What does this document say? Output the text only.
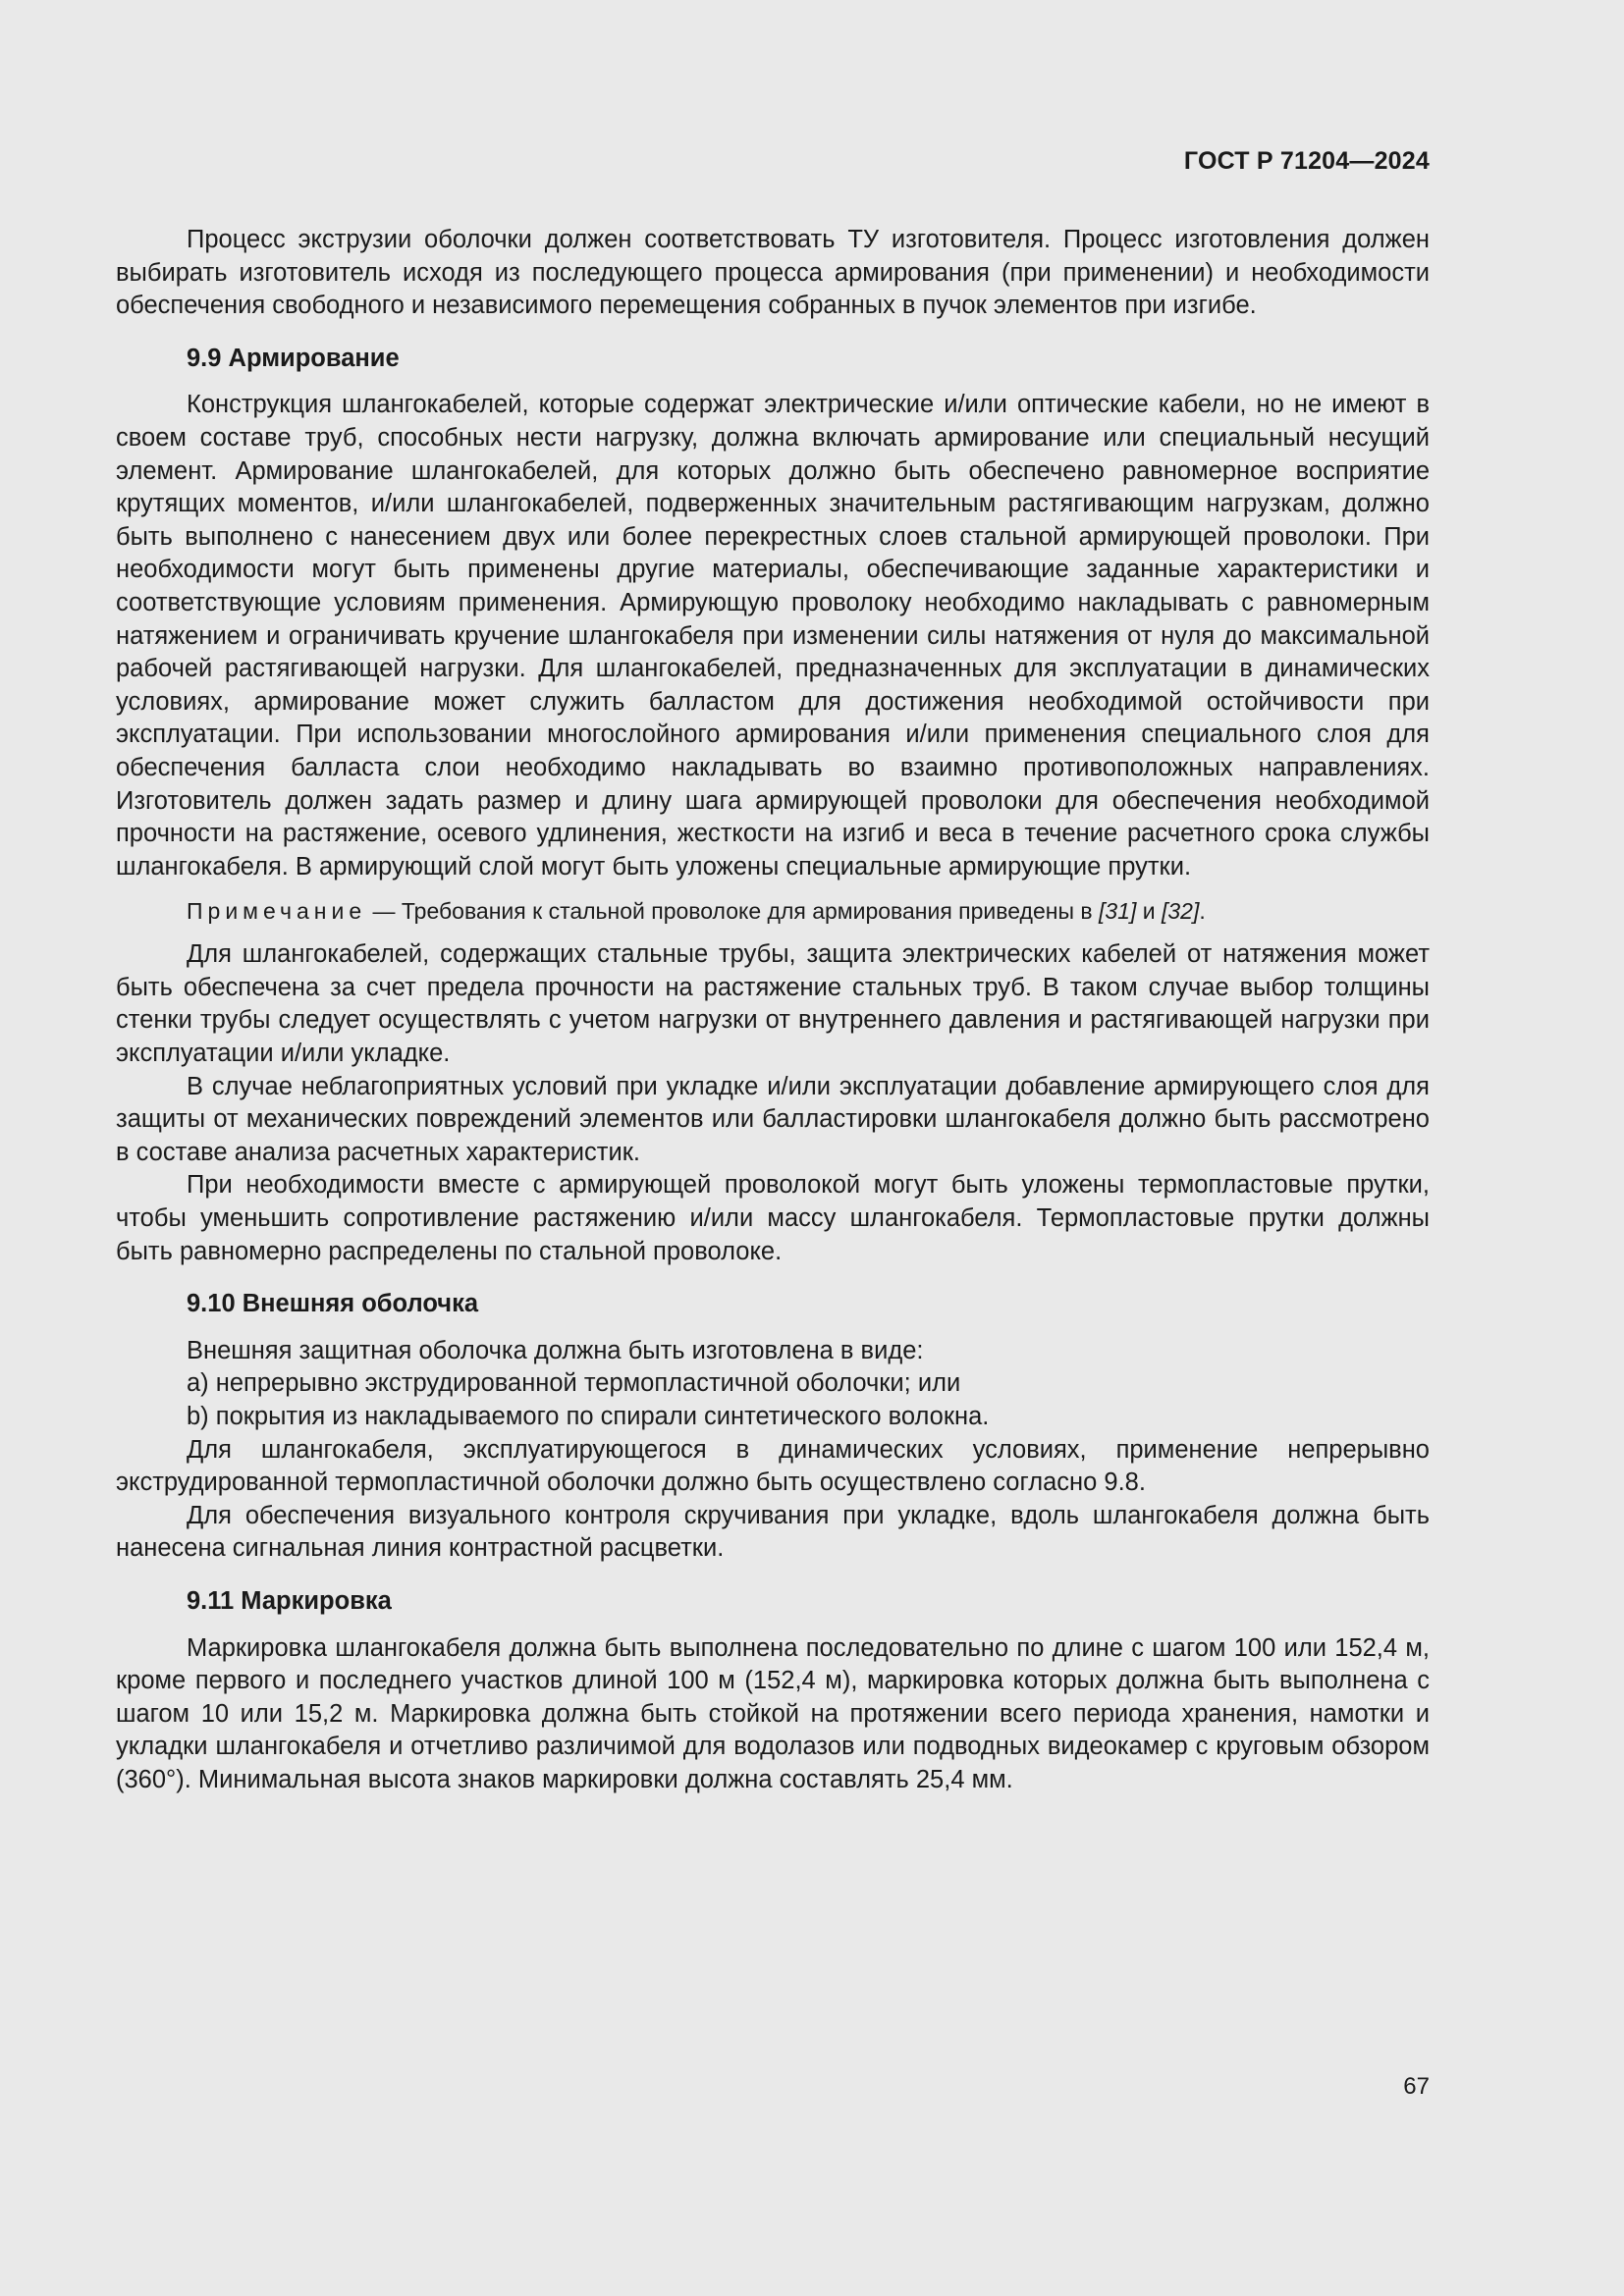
ГОСТ Р 71204—2024

Процесс экструзии оболочки должен соответствовать ТУ изготовителя. Процесс изготовления должен выбирать изготовитель исходя из последующего процесса армирования (при применении) и необходимости обеспечения свободного и независимого перемещения собранных в пучок элементов при изгибе.

9.9 Армирование

Конструкция шлангокабелей, которые содержат электрические и/или оптические кабели, но не имеют в своем составе труб, способных нести нагрузку, должна включать армирование или специальный несущий элемент. Армирование шлангокабелей, для которых должно быть обеспечено равномерное восприятие крутящих моментов, и/или шлангокабелей, подверженных значительным растягивающим нагрузкам, должно быть выполнено с нанесением двух или более перекрестных слоев стальной армирующей проволоки. При необходимости могут быть применены другие материалы, обеспечивающие заданные характеристики и соответствующие условиям применения. Армирующую проволоку необходимо накладывать с равномерным натяжением и ограничивать кручение шлангокабеля при изменении силы натяжения от нуля до максимальной рабочей растягивающей нагрузки. Для шлангокабелей, предназначенных для эксплуатации в динамических условиях, армирование может служить балластом для достижения необходимой остойчивости при эксплуатации. При использовании многослойного армирования и/или применения специального слоя для обеспечения балласта слои необходимо накладывать во взаимно противоположных направлениях. Изготовитель должен задать размер и длину шага армирующей проволоки для обеспечения необходимой прочности на растяжение, осевого удлинения, жесткости на изгиб и веса в течение расчетного срока службы шлангокабеля. В армирующий слой могут быть уложены специальные армирующие прутки.

Примечание — Требования к стальной проволоке для армирования приведены в [31] и [32].

Для шлангокабелей, содержащих стальные трубы, защита электрических кабелей от натяжения может быть обеспечена за счет предела прочности на растяжение стальных труб. В таком случае выбор толщины стенки трубы следует осуществлять с учетом нагрузки от внутреннего давления и растягивающей нагрузки при эксплуатации и/или укладке.

В случае неблагоприятных условий при укладке и/или эксплуатации добавление армирующего слоя для защиты от механических повреждений элементов или балластировки шлангокабеля должно быть рассмотрено в составе анализа расчетных характеристик.

При необходимости вместе с армирующей проволокой могут быть уложены термопластовые прутки, чтобы уменьшить сопротивление растяжению и/или массу шлангокабеля. Термопластовые прутки должны быть равномерно распределены по стальной проволоке.

9.10 Внешняя оболочка
Внешняя защитная оболочка должна быть изготовлена в виде:
а) непрерывно экструдированной термопластичной оболочки; или
b) покрытия из накладываемого по спирали синтетического волокна.

Для шлангокабеля, эксплуатирующегося в динамических условиях, применение непрерывно экструдированной термопластичной оболочки должно быть осуществлено согласно 9.8.

Для обеспечения визуального контроля скручивания при укладке, вдоль шлангокабеля должна быть нанесена сигнальная линия контрастной расцветки.

9.11 Маркировка

Маркировка шлангокабеля должна быть выполнена последовательно по длине с шагом 100 или 152,4 м, кроме первого и последнего участков длиной 100 м (152,4 м), маркировка которых должна быть выполнена с шагом 10 или 15,2 м. Маркировка должна быть стойкой на протяжении всего периода хранения, намотки и укладки шлангокабеля и отчетливо различимой для водолазов или подводных видеокамер с круговым обзором (360°). Минимальная высота знаков маркировки должна составлять 25,4 мм.

67
